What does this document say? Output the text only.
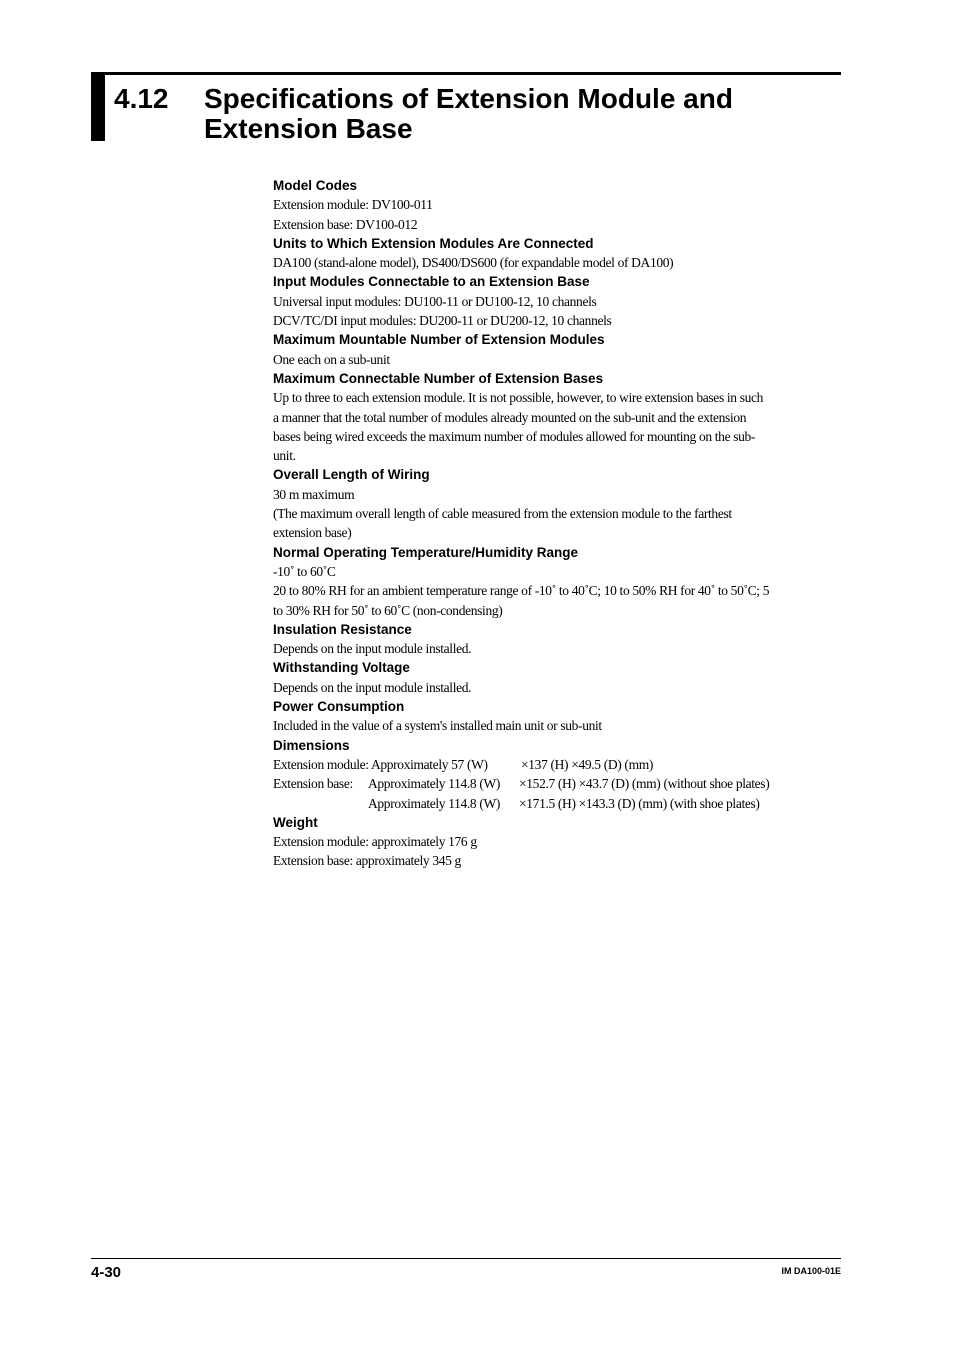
4.12 Specifications of Extension Module and Extension Base
Model Codes
Extension module: DV100-011
Extension base: DV100-012
Units to Which Extension Modules Are Connected
DA100 (stand-alone model), DS400/DS600 (for expandable model of DA100)
Input Modules Connectable to an Extension Base
Universal input modules: DU100-11 or DU100-12, 10 channels
DCV/TC/DI input modules: DU200-11 or DU200-12, 10 channels
Maximum Mountable Number of Extension Modules
One each on a sub-unit
Maximum Connectable Number of Extension Bases
Up to three to each extension module. It is not possible, however, to wire extension bases in such
a manner that the total number of modules already mounted on the sub-unit and the extension
bases being wired exceeds the maximum number of modules allowed for mounting on the sub-
unit.
Overall Length of Wiring
30 m maximum
(The maximum overall length of cable measured from the extension module to the farthest
extension base)
Normal Operating Temperature/Humidity Range
-10˚ to 60˚C
20 to 80% RH for an ambient temperature range of -10˚ to 40˚C; 10 to 50% RH for 40˚ to 50˚C; 5
to 30% RH for 50˚ to 60˚C (non-condensing)
Insulation Resistance
Depends on the input module installed.
Withstanding Voltage
Depends on the input module installed.
Power Consumption
Included in the value of a system's installed main unit or sub-unit
Dimensions
Extension module: Approximately 57 (W) ×137 (H) ×49.5 (D) (mm)
Extension base: Approximately 114.8 (W) ×152.7 (H) ×43.7 (D) (mm) (without shoe plates)
Approximately 114.8 (W) ×171.5 (H) ×143.3 (D) (mm) (with shoe plates)
Weight
Extension module: approximately 176 g
Extension base: approximately 345 g
4-30	IM DA100-01E
